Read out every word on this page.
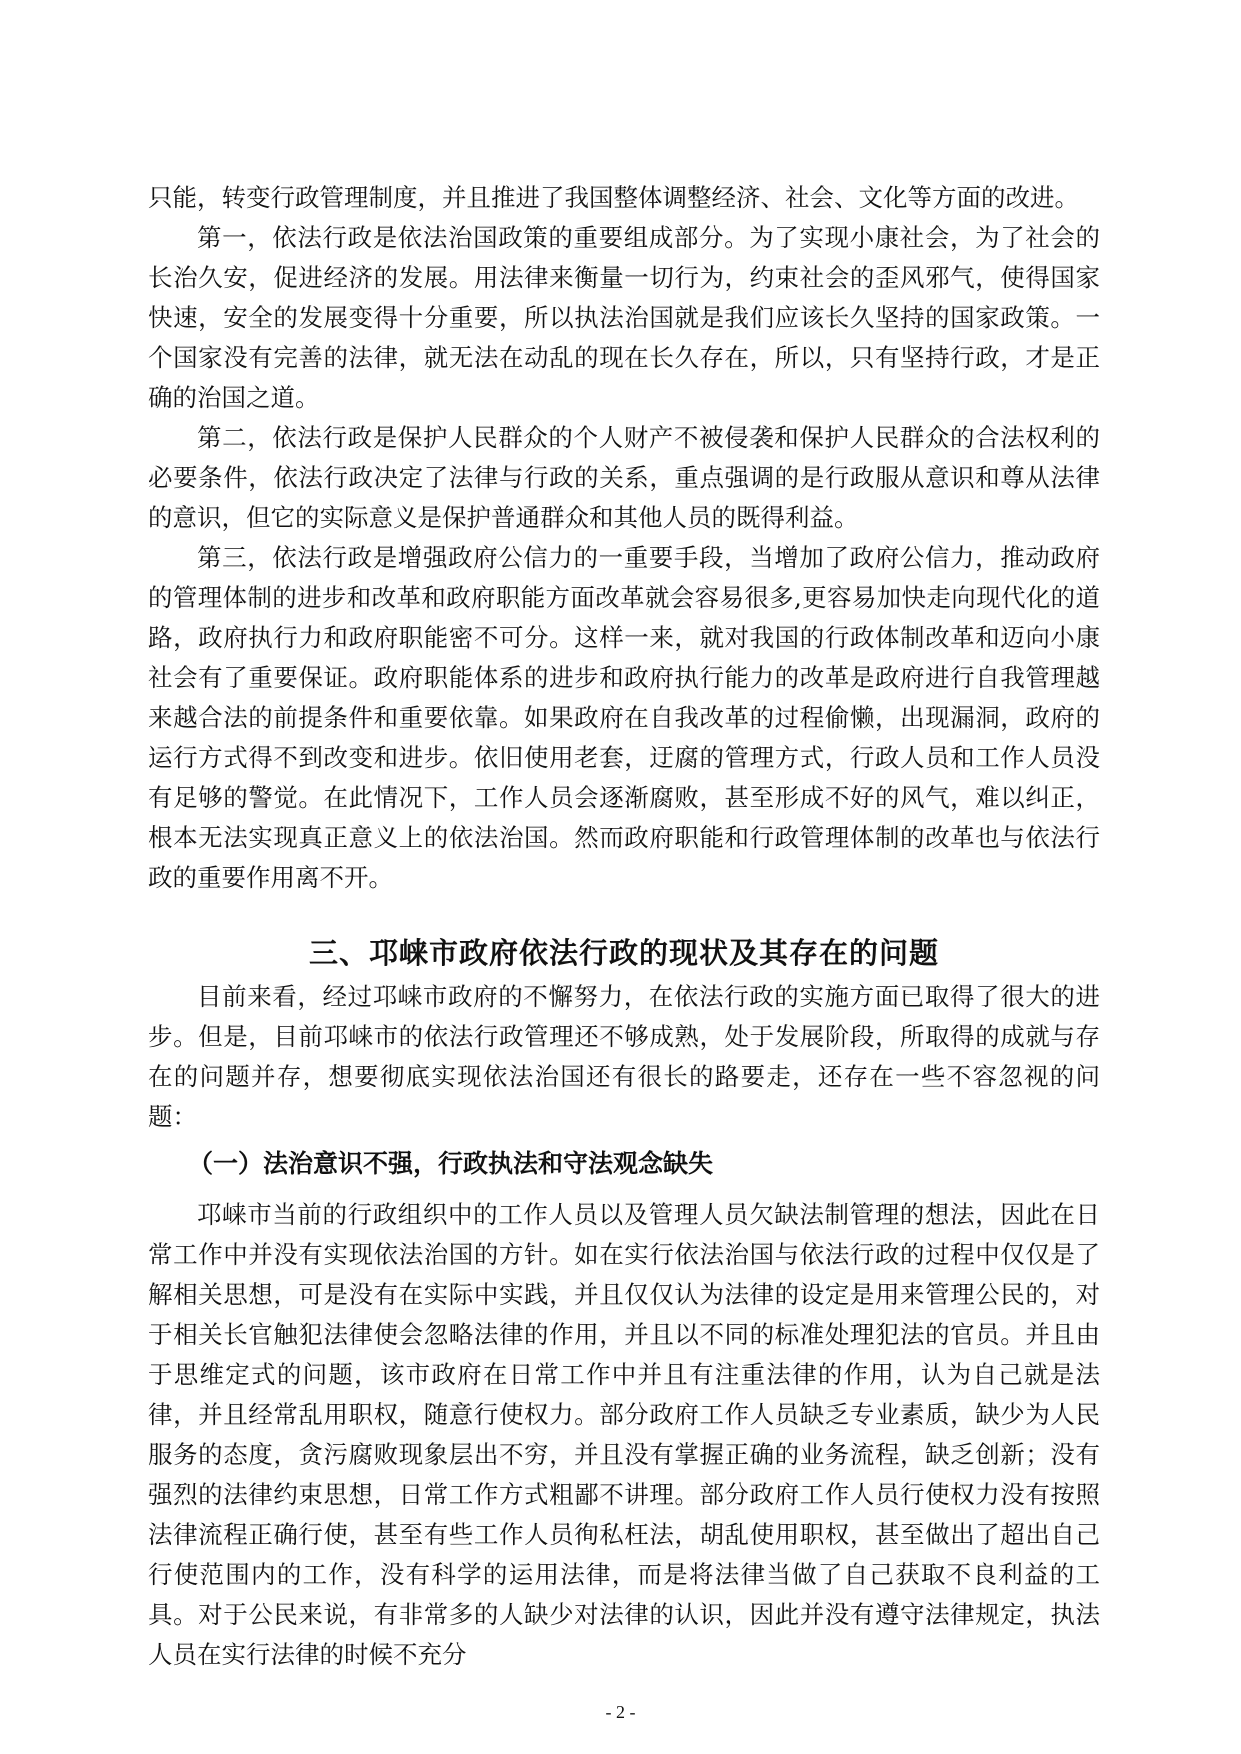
只能，转变行政管理制度，并且推进了我国整体调整经济、社会、文化等方面的改进。

第一，依法行政是依法治国政策的重要组成部分。为了实现小康社会，为了社会的长治久安，促进经济的发展。用法律来衡量一切行为，约束社会的歪风邪气，使得国家快速，安全的发展变得十分重要，所以执法治国就是我们应该长久坚持的国家政策。一个国家没有完善的法律，就无法在动乱的现在长久存在，所以，只有坚持行政，才是正确的治国之道。

第二，依法行政是保护人民群众的个人财产不被侵袭和保护人民群众的合法权利的必要条件，依法行政决定了法律与行政的关系，重点强调的是行政服从意识和尊从法律的意识，但它的实际意义是保护普通群众和其他人员的既得利益。

第三，依法行政是增强政府公信力的一重要手段，当增加了政府公信力，推动政府的管理体制的进步和改革和政府职能方面改革就会容易很多,更容易加快走向现代化的道路，政府执行力和政府职能密不可分。这样一来，就对我国的行政体制改革和迈向小康社会有了重要保证。政府职能体系的进步和政府执行能力的改革是政府进行自我管理越来越合法的前提条件和重要依靠。如果政府在自我改革的过程偷懒，出现漏洞，政府的运行方式得不到改变和进步。依旧使用老套，迂腐的管理方式，行政人员和工作人员没有足够的警觉。在此情况下，工作人员会逐渐腐败，甚至形成不好的风气，难以纠正，根本无法实现真正意义上的依法治国。然而政府职能和行政管理体制的改革也与依法行政的重要作用离不开。

三、邛崃市政府依法行政的现状及其存在的问题

目前来看，经过邛崃市政府的不懈努力，在依法行政的实施方面已取得了很大的进步。但是，目前邛崃市的依法行政管理还不够成熟，处于发展阶段，所取得的成就与存在的问题并存，想要彻底实现依法治国还有很长的路要走，还存在一些不容忽视的问题：

（一）法治意识不强，行政执法和守法观念缺失

邛崃市当前的行政组织中的工作人员以及管理人员欠缺法制管理的想法，因此在日常工作中并没有实现依法治国的方针。如在实行依法治国与依法行政的过程中仅仅是了解相关思想，可是没有在实际中实践，并且仅仅认为法律的设定是用来管理公民的，对于相关长官触犯法律使会忽略法律的作用，并且以不同的标准处理犯法的官员。并且由于思维定式的问题，该市政府在日常工作中并且有注重法律的作用，认为自己就是法律，并且经常乱用职权，随意行使权力。部分政府工作人员缺乏专业素质，缺少为人民服务的态度，贪污腐败现象层出不穷，并且没有掌握正确的业务流程，缺乏创新；没有强烈的法律约束思想，日常工作方式粗鄙不讲理。部分政府工作人员行使权力没有按照法律流程正确行使，甚至有些工作人员徇私枉法，胡乱使用职权，甚至做出了超出自己行使范围内的工作，没有科学的运用法律，而是将法律当做了自己获取不良利益的工具。对于公民来说，有非常多的人缺少对法律的认识，因此并没有遵守法律规定，执法人员在实行法律的时候不充分

- 2 -
